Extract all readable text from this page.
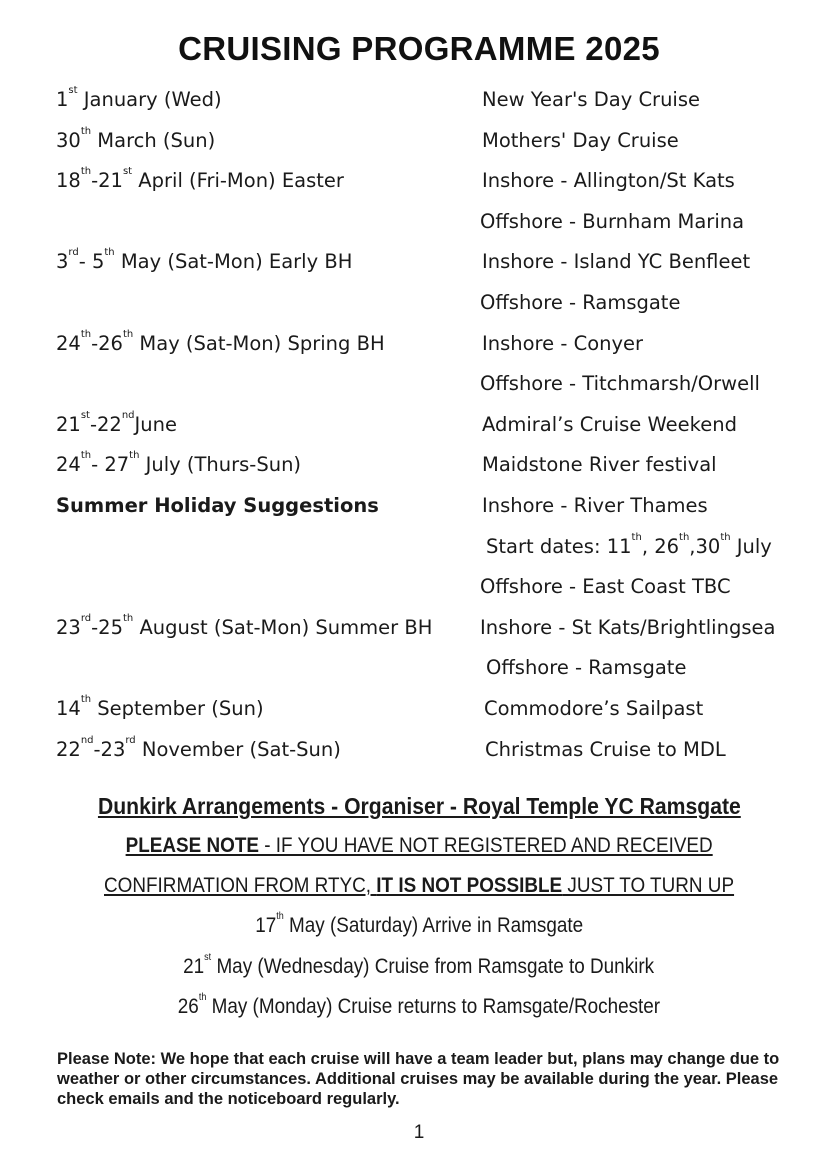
CRUISING PROGRAMME 2025
1st January (Wed)	New Year's Day Cruise
30th March (Sun)	Mothers' Day Cruise
18th-21st April (Fri-Mon) Easter	Inshore - Allington/St Kats
Offshore - Burnham Marina
3rd- 5th May (Sat-Mon) Early BH	Inshore - Island YC Benfleet
Offshore - Ramsgate
24th-26th May (Sat-Mon) Spring BH	Inshore - Conyer
Offshore - Titchmarsh/Orwell
21st-22ndJune	Admiral’s Cruise Weekend
24th- 27th July (Thurs-Sun)	Maidstone River festival
Summer Holiday Suggestions	Inshore - River Thames
Start dates: 11th, 26th,30th July
Offshore - East Coast TBC
23rd-25th August (Sat-Mon) Summer BH Inshore - St Kats/Brightlingsea
Offshore - Ramsgate
14th September (Sun)	Commodore’s Sailpast
22nd-23rd November (Sat-Sun)	Christmas Cruise to MDL
Dunkirk Arrangements - Organiser - Royal Temple YC Ramsgate
PLEASE NOTE - IF YOU HAVE NOT REGISTERED AND RECEIVED
CONFIRMATION FROM RTYC, IT IS NOT POSSIBLE JUST TO TURN UP
17th May (Saturday) Arrive in Ramsgate
21st May (Wednesday) Cruise from Ramsgate to Dunkirk
26th May (Monday) Cruise returns to Ramsgate/Rochester
Please Note: We hope that each cruise will have a team leader but, plans may change due to weather or other circumstances. Additional cruises may be available during the year. Please check emails and the noticeboard regularly.
1
